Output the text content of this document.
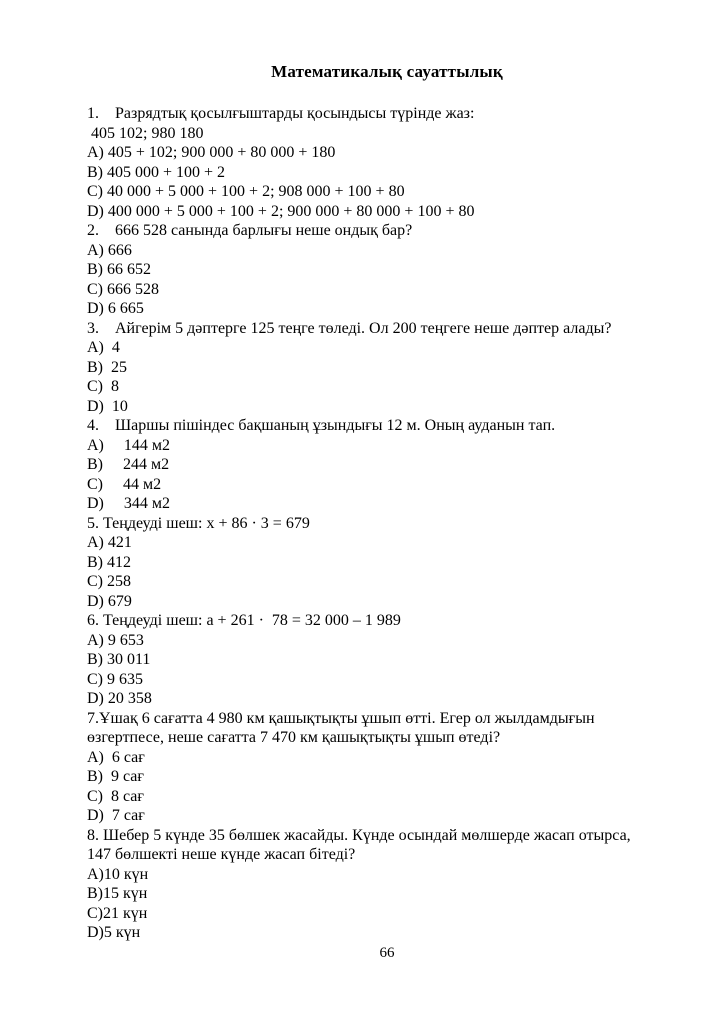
Математикалық сауаттылық
1.    Разрядтық қосылғыштарды қосындысы түрінде жаз:
405 102; 980 180
A) 405 + 102; 900 000 + 80 000 + 180
B) 405 000 + 100 + 2
C) 40 000 + 5 000 + 100 + 2; 908 000 + 100 + 80
D) 400 000 + 5 000 + 100 + 2; 900 000 + 80 000 + 100 + 80
2.    666 528 санында барлығы неше ондық бар?
A) 666
B) 66 652
C) 666 528
D) 6 665
3.    Айгерім 5 дәптерге 125 теңге төледі. Ол 200 теңгеге неше дәптер алады?
A)  4
B)  25
C)  8
D)  10
4.    Шаршы пішіндес бақшаның ұзындығы 12 м. Оның ауданын тап.
A)     144 м2
B)     244 м2
C)     44 м2
D)     344 м2
5. Теңдеуді шеш: х + 86 · 3 = 679
A) 421
B) 412
C) 258
D) 679
6. Теңдеуді шеш: а + 261 ·  78 = 32 000 – 1 989
A) 9 653
B) 30 011
C) 9 635
D) 20 358
7.Ұшақ 6 сағатта 4 980 км қашықтықты ұшып өтті. Егер ол жылдамдығын
өзгертпесе, неше сағатта 7 470 км қашықтықты ұшып өтеді?
A)  6 сағ
B)  9 сағ
C)  8 сағ
D)  7 сағ
8. Шебер 5 күнде 35 бөлшек жасайды. Күнде осындай мөлшерде жасап отырса,
147 бөлшекті неше күнде жасап бітеді?
A)10 күн
B)15 күн
C)21 күн
D)5 күн
66
